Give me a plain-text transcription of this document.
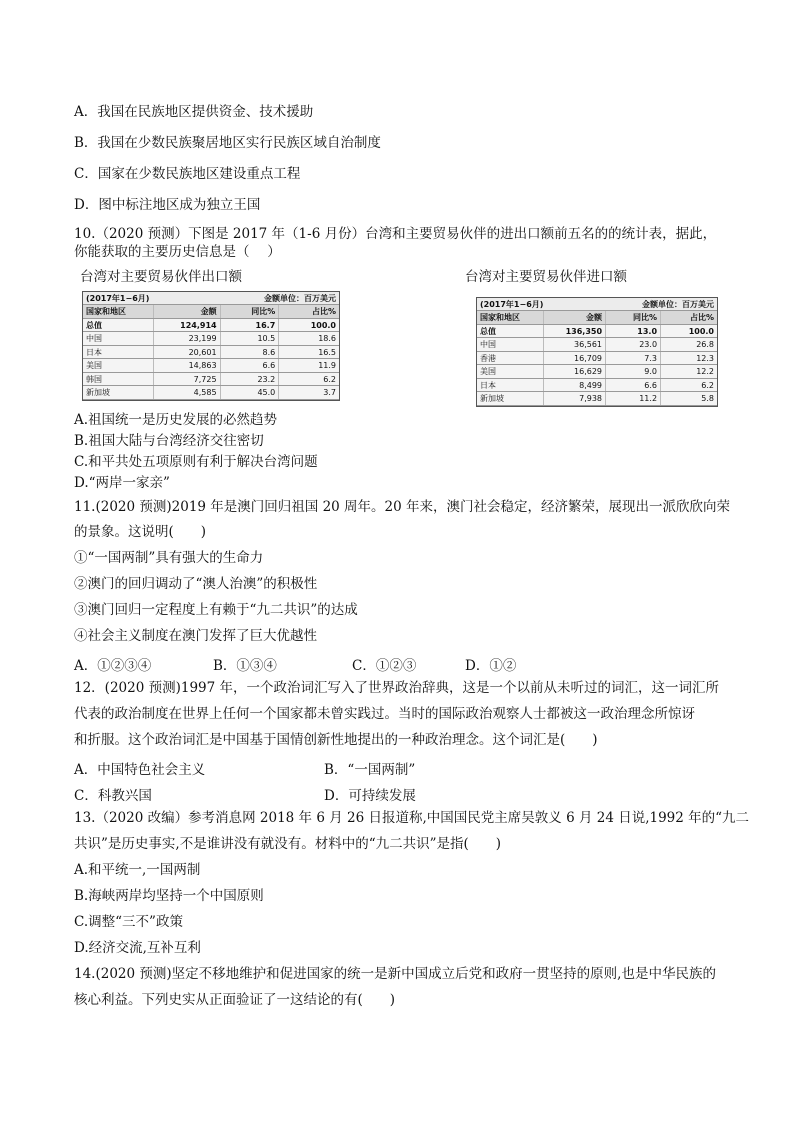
A．我国在民族地区提供资金、技术援助
B．我国在少数民族聚居地区实行民族区域自治制度
C．国家在少数民族地区建设重点工程
D．图中标注地区成为独立王国
10.（2020 预测）下图是 2017 年（1-6 月份）台湾和主要贸易伙伴的进出口额前五名的的统计表，据此，
你能获取的主要历史信息是（　 ）
台湾对主要贸易伙伴出口额	台湾对主要贸易伙伴进口额
(2017年1−6月)		金额单位：百万美元	
国家和地区	金额	同比%	占比%
总值	124,914	16.7	100.0
中国	23,199	10.5	18.6
日本	20,601	8.6	16.5
美国	14,863	6.6	11.9
韩国	7,725	23.2	6.2
新加坡	4,585	45.0	3.7
(2017年1−6月)		金额单位：百万美元	
国家和地区	金额	同比%	占比%
总值	136,350	13.0	100.0
中国	36,561	23.0	26.8
香港	16,709	7.3	12.3
美国	16,629	9.0	12.2
日本	8,499	6.6	6.2
新加坡	7,938	11.2	5.8
A.祖国统一是历史发展的必然趋势
B.祖国大陆与台湾经济交往密切
C.和平共处五项原则有利于解决台湾问题
D.“两岸一家亲”
11.(2020 预测)2019 年是澳门回归祖国 20 周年。20 年来，澳门社会稳定，经济繁荣，展现出一派欣欣向荣
的景象。这说明(　　)
①“一国两制”具有强大的生命力
②澳门的回归调动了“澳人治澳”的积极性
③澳门回归一定程度上有赖于“九二共识”的达成
④社会主义制度在澳门发挥了巨大优越性
A．①②③④	B．①③④	C．①②③	D．①②
12．(2020 预测)1997 年，一个政治词汇写入了世界政治辞典，这是一个以前从未听过的词汇，这一词汇所
代表的政治制度在世界上任何一个国家都未曾实践过。当时的国际政治观察人士都被这一政治理念所惊讶
和折服。这个政治词汇是中国基于国情创新性地提出的一种政治理念。这个词汇是(　　)
A．中国特色社会主义	B．“一国两制”
C．科教兴国	D．可持续发展
13.（2020 改编）参考消息网 2018 年 6 月 26 日报道称,中国国民党主席吴敦义 6 月 24 日说,1992 年的“九二
共识”是历史事实,不是谁讲没有就没有。材料中的“九二共识”是指(　　)
A.和平统一,一国两制
B.海峡两岸均坚持一个中国原则
C.调整“三不”政策
D.经济交流,互补互利
14.(2020 预测)坚定不移地维护和促进国家的统一是新中国成立后党和政府一贯坚持的原则,也是中华民族的
核心利益。下列史实从正面验证了一这结论的有(　　)
